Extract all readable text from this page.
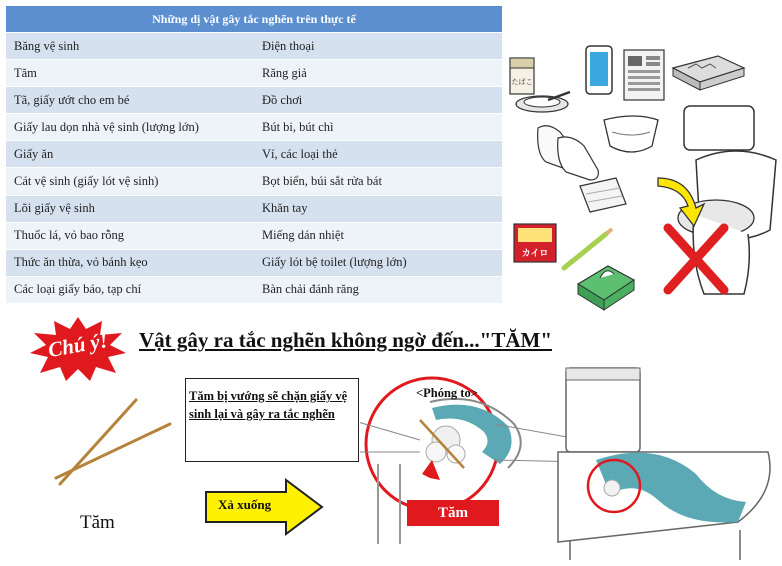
Những dị vật gây tắc nghẽn trên thực tế	
Băng vệ sinh	Điện thoại
Tăm	Răng giả
Tã, giấy ướt cho em bé	Đồ chơi
Giấy lau dọn nhà vệ sinh (lượng lớn)	Bút bi, bút chì
Giấy ăn	Ví, các loại thẻ
Cát vệ sinh (giấy lót vệ sinh)	Bọt biển, búi sắt rửa bát
Lõi giấy vệ sinh	Khăn tay
Thuốc lá, vỏ bao rỗng	Miếng dán nhiệt
Thức ăn thừa, vỏ bánh kẹo	Giấy lót bệ toilet (lượng lớn)
Các loại giấy báo, tạp chí	Bàn chải đánh răng
たばこ
カイロ
Chú ý!	Vật gây ra tắc nghẽn không ngờ đến..."TĂM"
Tăm
Xả xuống
<Phóng to>
Tăm
Tăm bị vướng sẽ chặn giấy vệ sinh lại và gây ra tắc nghẽn
